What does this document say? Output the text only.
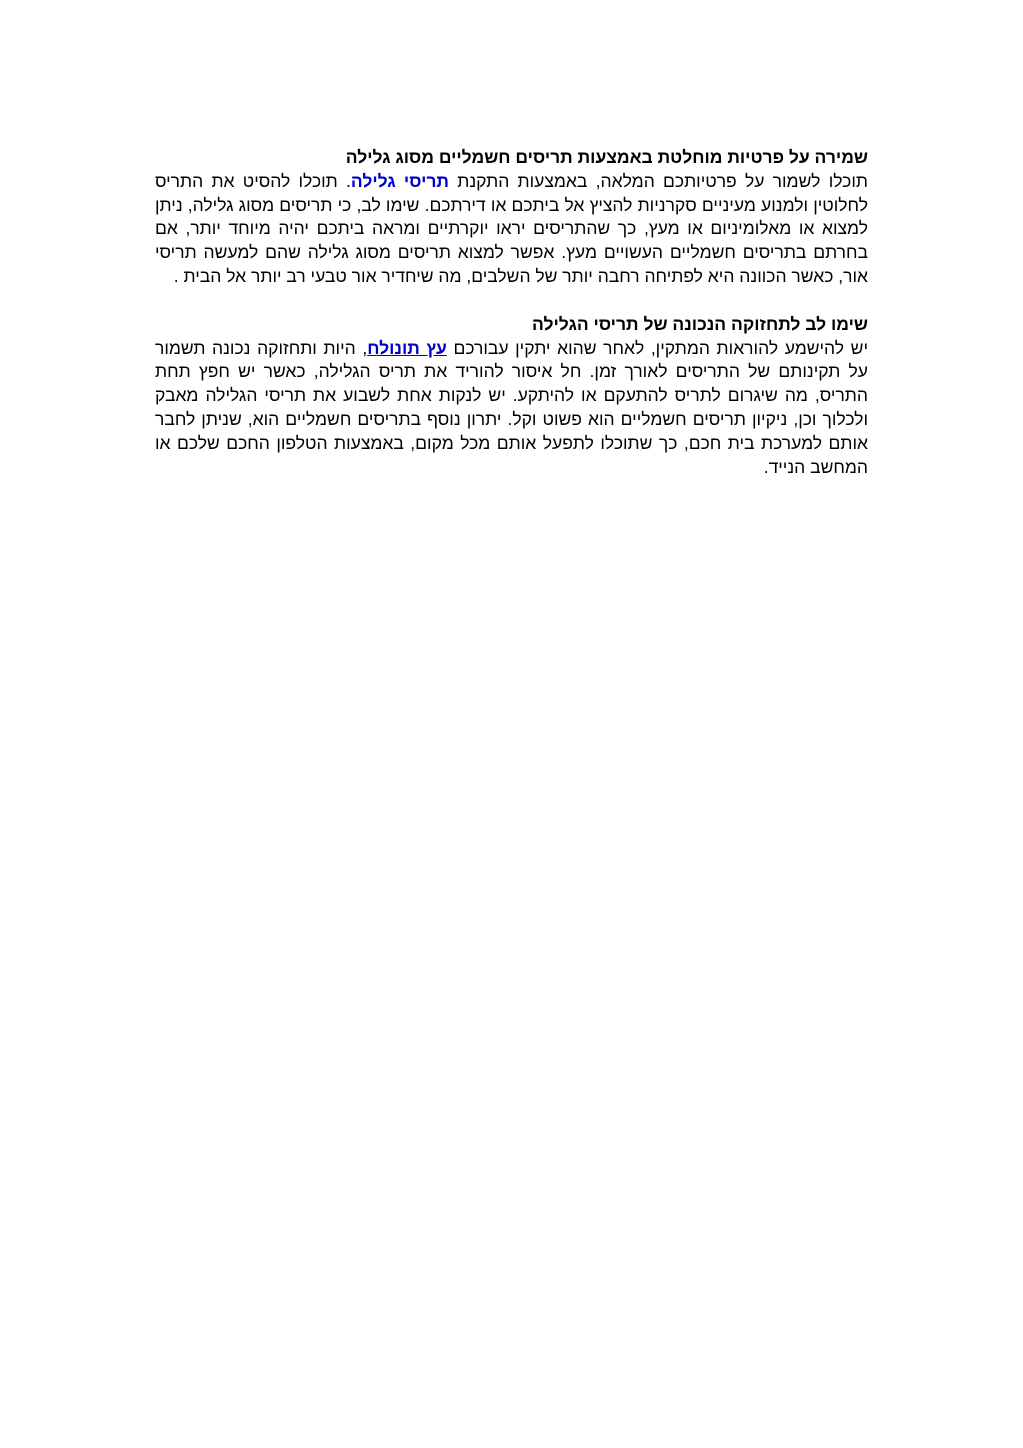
שמירה על פרטיות מוחלטת באמצעות תריסים חשמליים מסוג גלילה

תוכלו לשמור על פרטיותכם המלאה, באמצעות התקנת תריסי גלילה. תוכלו להסיט את התריס לחלוטין ולמנוע מעיניים סקרניות להציץ אל ביתכם או דירתכם. שימו לב, כי תריסים מסוג גלילה, ניתן למצוא או מאלומיניום או מעץ, כך שהתריסים יראו יוקרתיים ומראה ביתכם יהיה מיוחד יותר, אם בחרתם בתריסים חשמליים העשויים מעץ. אפשר למצוא תריסים מסוג גלילה שהם למעשה תריסי אור, כאשר הכוונה היא לפתיחה רחבה יותר של השלבים, מה שיחדיר אור טבעי רב יותר אל הבית .

שימו לב לתחזוקה הנכונה של תריסי הגלילה

יש להישמע להוראות המתקין, לאחר שהוא יתקין עבורכם עץ תונולח, היות ותחזוקה נכונה תשמור על תקינותם של התריסים לאורך זמן. חל איסור להוריד את תריס הגלילה, כאשר יש חפץ תחת התריס, מה שיגרום לתריס להתעקם או להיתקע. יש לנקות אחת לשבוע את תריסי הגלילה מאבק ולכלוך וכן, ניקיון תריסים חשמליים הוא פשוט וקל. יתרון נוסף בתריסים חשמליים הוא, שניתן לחבר אותם למערכת בית חכם, כך שתוכלו לתפעל אותם מכל מקום, באמצעות הטלפון החכם שלכם או המחשב הנייד.
